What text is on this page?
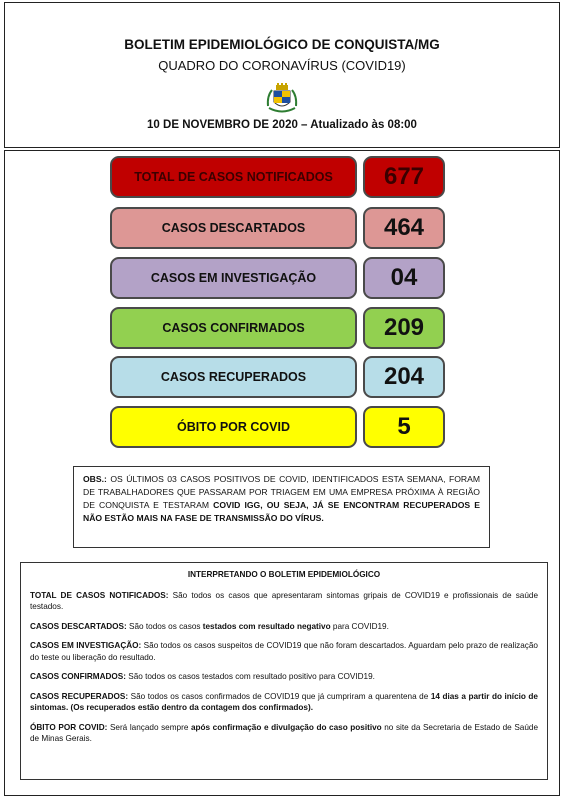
BOLETIM EPIDEMIOLÓGICO DE CONQUISTA/MG
QUADRO DO CORONAVÍRUS (COVID19)
10 DE NOVEMBRO DE 2020 – Atualizado às 08:00
TOTAL DE CASOS NOTIFICADOS	677
CASOS DESCARTADOS	464
CASOS EM INVESTIGAÇÃO	04
CASOS CONFIRMADOS	209
CASOS RECUPERADOS	204
ÓBITO POR COVID	5
OBS.: OS ÚLTIMOS 03 CASOS POSITIVOS DE COVID, IDENTIFICADOS ESTA SEMANA, FORAM DE TRABALHADORES QUE PASSARAM POR TRIAGEM EM UMA EMPRESA PRÓXIMA À REGIÃO DE CONQUISTA E TESTARAM COVID IGG, OU SEJA, JÁ SE ENCONTRAM RECUPERADOS E NÃO ESTÃO MAIS NA FASE DE TRANSMISSÃO DO VÍRUS.
INTERPRETANDO O BOLETIM EPIDEMIOLÓGICO
TOTAL DE CASOS NOTIFICADOS: São todos os casos que apresentaram sintomas gripais de COVID19 e profissionais de saúde testados.
CASOS DESCARTADOS: São todos os casos testados com resultado negativo para COVID19.
CASOS EM INVESTIGAÇÃO: São todos os casos suspeitos de COVID19 que não foram descartados. Aguardam pelo prazo de realização do teste ou liberação do resultado.
CASOS CONFIRMADOS: São todos os casos testados com resultado positivo para COVID19.
CASOS RECUPERADOS: São todos os casos confirmados de COVID19 que já cumpriram a quarentena de 14 dias a partir do início de sintomas. (Os recuperados estão dentro da contagem dos confirmados).
ÓBITO POR COVID: Será lançado sempre após confirmação e divulgação do caso positivo no site da Secretaria de Estado de Saúde de Minas Gerais.
